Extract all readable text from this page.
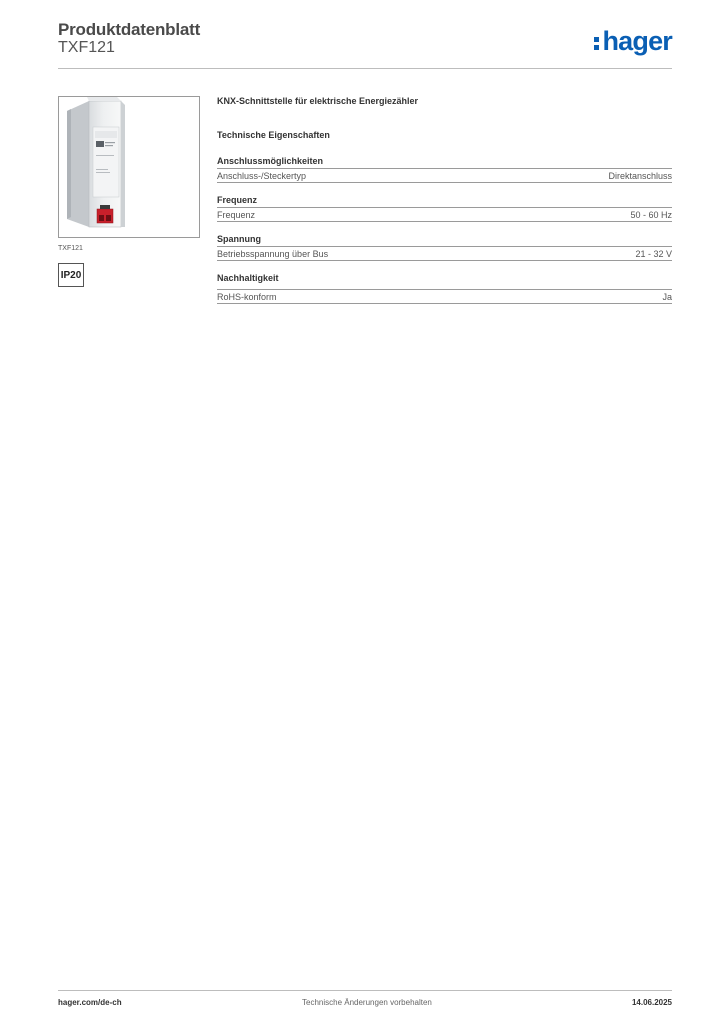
Produktdatenblatt
TXF121	hager
TXF121
IP20
KNX-Schnittstelle für elektrische Energiezähler
Technische Eigenschaften
Anschlussmöglichkeiten
Anschluss-/Steckertyp	Direktanschluss
Frequenz
Frequenz	50 - 60 Hz
Spannung
Betriebsspannung über Bus	21 - 32 V
Nachhaltigkeit
RoHS-konform	Ja
hager.com/de-ch	Technische Änderungen vorbehalten	14.06.2025
